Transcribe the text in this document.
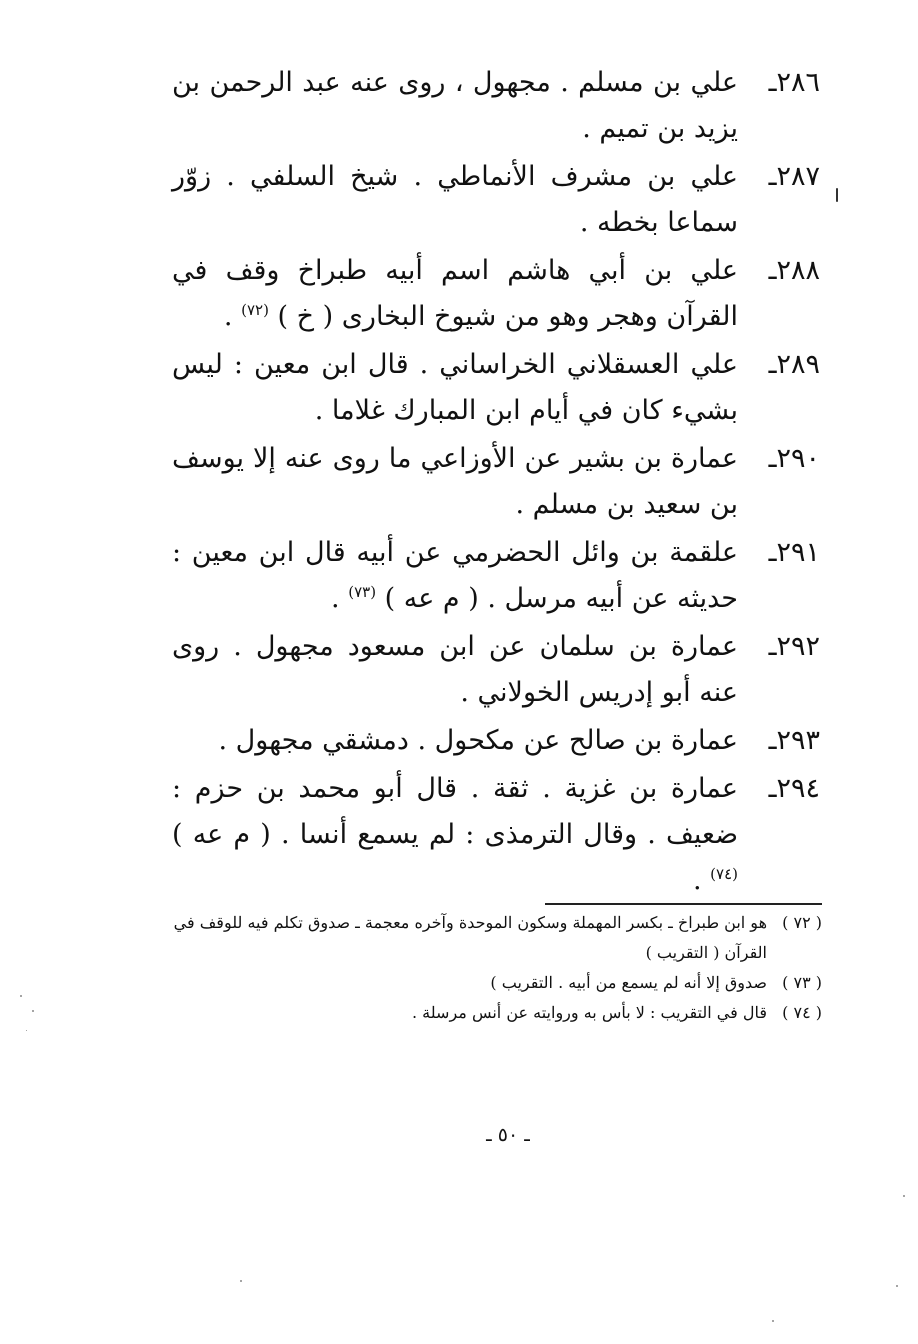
٢٨٦ـ
علي بن مسلم . مجهول ، روى عنه عبد الرحمن بن يزيد بن تميم .
٢٨٧ـ
علي بن مشرف الأنماطي . شيخ السلفي . زوّر سماعا بخطه .
٢٨٨ـ
علي بن أبي هاشم اسم أبيه طبراخ وقف في القرآن وهجر وهو من شيوخ البخارى ( خ ) $^{(٧٢)}$ .
٢٨٩ـ
علي العسقلاني الخراساني . قال ابن معين : ليس بشيء كان في أيام ابن المبارك غلاما .
٢٩٠ـ
عمارة بن بشير عن الأوزاعي ما روى عنه إلا يوسف بن سعيد بن مسلم .
٢٩١ـ
علقمة بن وائل الحضرمي عن أبيه قال ابن معين : حديثه عن أبيه مرسل . ( م عه ) $^{(٧٣)}$ .
٢٩٢ـ
عمارة بن سلمان عن ابن مسعود مجهول . روى عنه أبو إدريس الخولاني .
٢٩٣ـ
عمارة بن صالح عن مكحول . دمشقي مجهول .
٢٩٤ـ
عمارة بن غزية . ثقة . قال أبو محمد بن حزم : ضعيف . وقال الترمذى : لم يسمع أنسا . ( م عه ) $^{(٧٤)}$ .
( ٧٢ )
هو ابن طبراخ ـ بكسر المهملة وسكون الموحدة وآخره معجمة ـ صدوق تكلم فيه للوقف في القرآن ( التقريب )
( ٧٣ )
صدوق إلا أنه لم يسمع من أبيه . التقريب )
( ٧٤ )
قال في التقريب : لا بأس به وروايته عن أنس مرسلة .
ـ ٥٠ ـ
